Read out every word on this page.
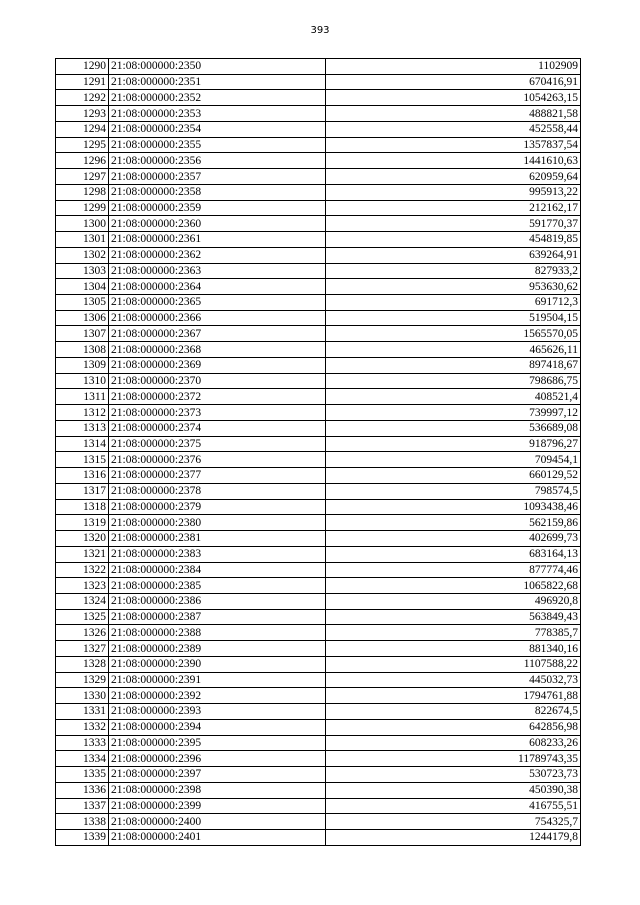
393
1290	21:08:000000:2350	1102909
1291	21:08:000000:2351	670416,91
1292	21:08:000000:2352	1054263,15
1293	21:08:000000:2353	488821,58
1294	21:08:000000:2354	452558,44
1295	21:08:000000:2355	1357837,54
1296	21:08:000000:2356	1441610,63
1297	21:08:000000:2357	620959,64
1298	21:08:000000:2358	995913,22
1299	21:08:000000:2359	212162,17
1300	21:08:000000:2360	591770,37
1301	21:08:000000:2361	454819,85
1302	21:08:000000:2362	639264,91
1303	21:08:000000:2363	827933,2
1304	21:08:000000:2364	953630,62
1305	21:08:000000:2365	691712,3
1306	21:08:000000:2366	519504,15
1307	21:08:000000:2367	1565570,05
1308	21:08:000000:2368	465626,11
1309	21:08:000000:2369	897418,67
1310	21:08:000000:2370	798686,75
1311	21:08:000000:2372	408521,4
1312	21:08:000000:2373	739997,12
1313	21:08:000000:2374	536689,08
1314	21:08:000000:2375	918796,27
1315	21:08:000000:2376	709454,1
1316	21:08:000000:2377	660129,52
1317	21:08:000000:2378	798574,5
1318	21:08:000000:2379	1093438,46
1319	21:08:000000:2380	562159,86
1320	21:08:000000:2381	402699,73
1321	21:08:000000:2383	683164,13
1322	21:08:000000:2384	877774,46
1323	21:08:000000:2385	1065822,68
1324	21:08:000000:2386	496920,8
1325	21:08:000000:2387	563849,43
1326	21:08:000000:2388	778385,7
1327	21:08:000000:2389	881340,16
1328	21:08:000000:2390	1107588,22
1329	21:08:000000:2391	445032,73
1330	21:08:000000:2392	1794761,88
1331	21:08:000000:2393	822674,5
1332	21:08:000000:2394	642856,98
1333	21:08:000000:2395	608233,26
1334	21:08:000000:2396	11789743,35
1335	21:08:000000:2397	530723,73
1336	21:08:000000:2398	450390,38
1337	21:08:000000:2399	416755,51
1338	21:08:000000:2400	754325,7
1339	21:08:000000:2401	1244179,8
